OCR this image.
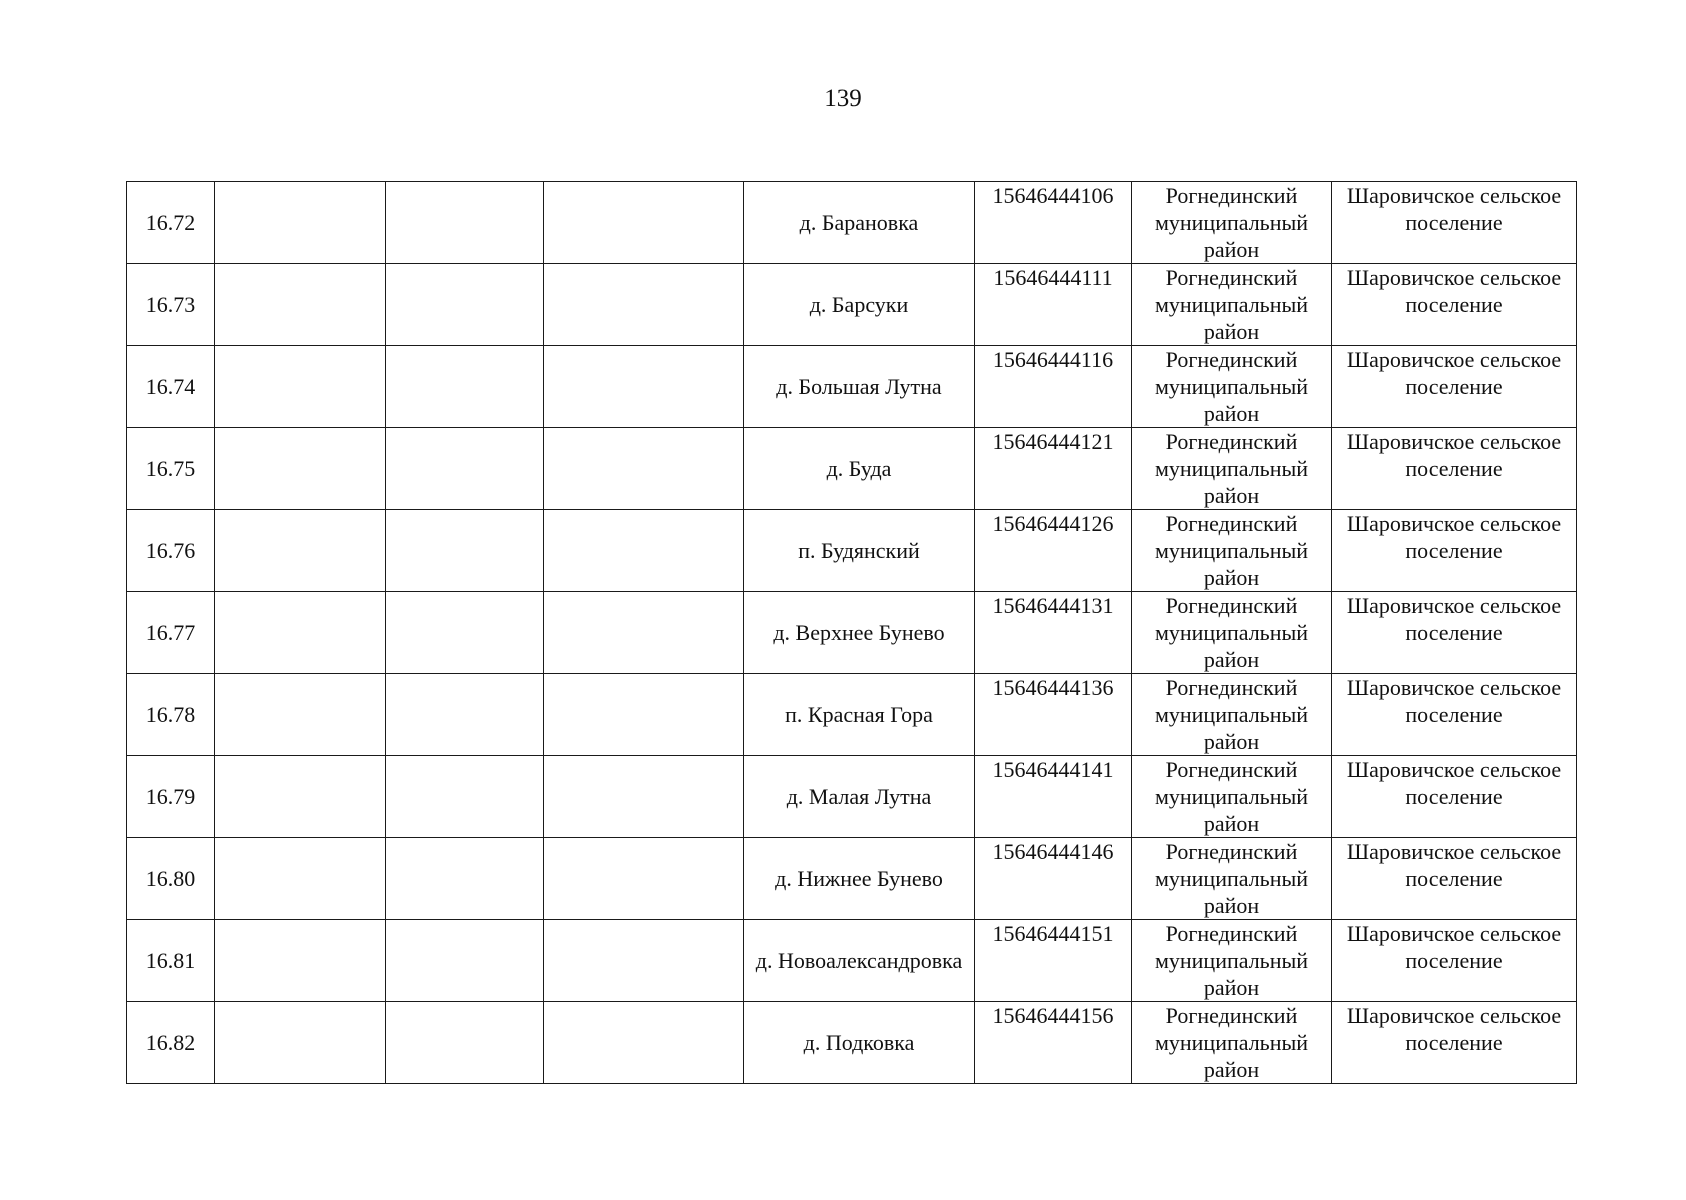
139
16.72				д. Барановка	15646444106	Рогнединский муниципальный район	Шаровичское сельское поселение
16.73				д. Барсуки	15646444111	Рогнединский муниципальный район	Шаровичское сельское поселение
16.74				д. Большая Лутна	15646444116	Рогнединский муниципальный район	Шаровичское сельское поселение
16.75				д. Буда	15646444121	Рогнединский муниципальный район	Шаровичское сельское поселение
16.76				п. Будянский	15646444126	Рогнединский муниципальный район	Шаровичское сельское поселение
16.77				д. Верхнее Бунево	15646444131	Рогнединский муниципальный район	Шаровичское сельское поселение
16.78				п. Красная Гора	15646444136	Рогнединский муниципальный район	Шаровичское сельское поселение
16.79				д. Малая Лутна	15646444141	Рогнединский муниципальный район	Шаровичское сельское поселение
16.80				д. Нижнее Бунево	15646444146	Рогнединский муниципальный район	Шаровичское сельское поселение
16.81				д. Новоалександровка	15646444151	Рогнединский муниципальный район	Шаровичское сельское поселение
16.82				д. Подковка	15646444156	Рогнединский муниципальный район	Шаровичское сельское поселение
